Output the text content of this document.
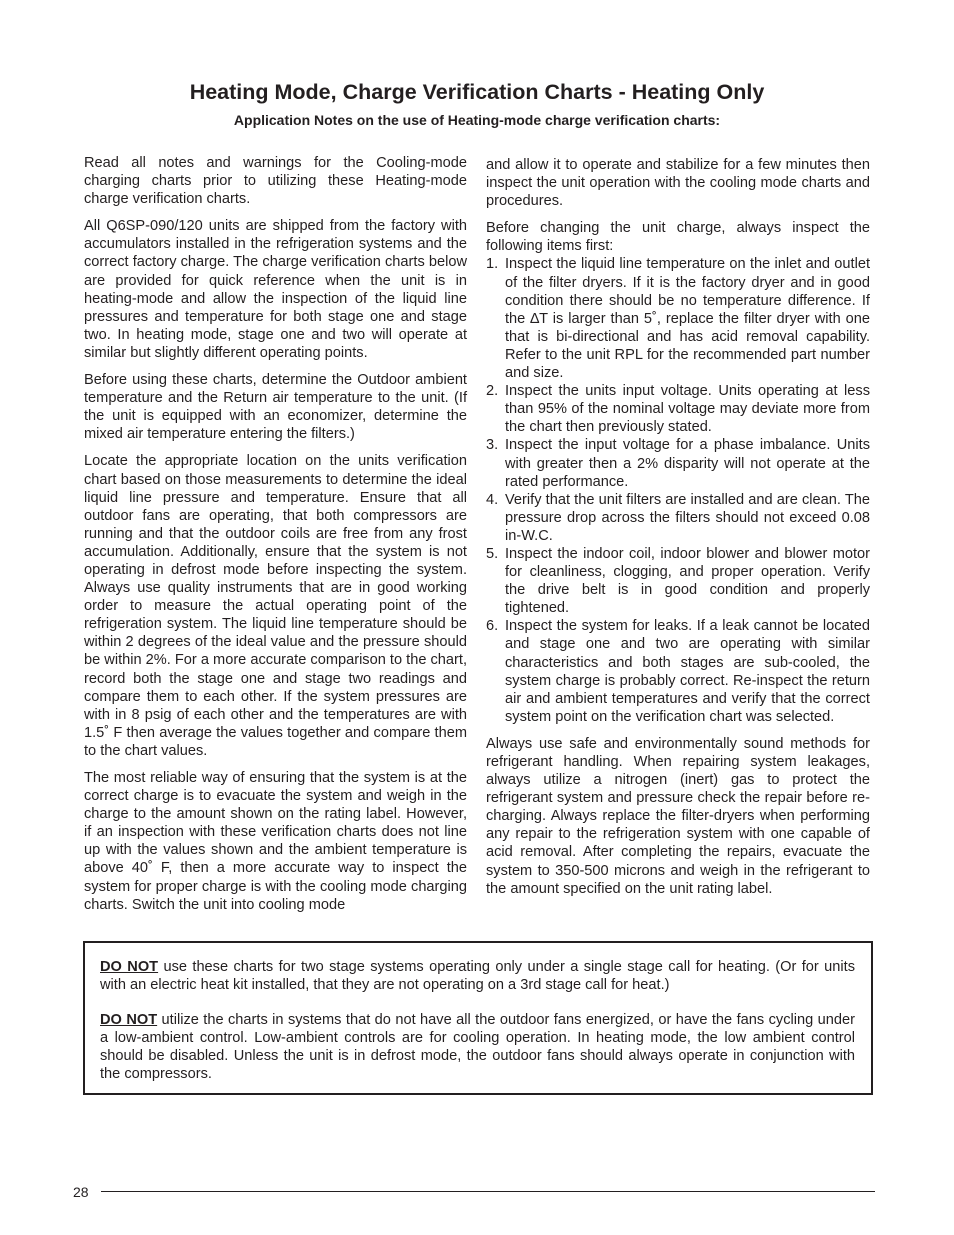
Heating Mode, Charge Verification Charts - Heating Only
Application Notes on the use of Heating-mode charge verification charts:

Read all notes and warnings for the Cooling-mode charging charts prior to utilizing these Heating-mode charge verification charts.

All Q6SP-090/120 units are shipped from the factory with accumulators installed in the refrigeration systems and the correct factory charge. The charge verification charts below are provided for quick reference when the unit is in heating-mode and allow the inspection of the liquid line pressures and temperature for both stage one and stage two. In heating mode, stage one and two will operate at similar but slightly different operating points.

Before using these charts, determine the Outdoor ambient temperature and the Return air temperature to the unit. (If the unit is equipped with an economizer, determine the mixed air temperature entering the filters.)

Locate the appropriate location on the units verification chart based on those measurements to determine the ideal liquid line pressure and temperature. Ensure that all outdoor fans are operating, that both compressors are running and that the outdoor coils are free from any frost accumulation. Additionally, ensure that the system is not operating in defrost mode before inspecting the system. Always use quality instruments that are in good working order to measure the actual operating point of the refrigeration system. The liquid line temperature should be within 2 degrees of the ideal value and the pressure should be within 2%. For a more accurate comparison to the chart, record both the stage one and stage two readings and compare them to each other. If the system pressures are with in 8 psig of each other and the temperatures are with 1.5˚ F then average the values together and compare them to the chart values.

The most reliable way of ensuring that the system is at the correct charge is to evacuate the system and weigh in the charge to the amount shown on the rating label. However, if an inspection with these verification charts does not line up with the values shown and the ambient temperature is above 40˚ F, then a more accurate way to inspect the system for proper charge is with the cooling mode charging charts. Switch the unit into cooling mode

and allow it to operate and stabilize for a few minutes then inspect the unit operation with the cooling mode charts and procedures.

Before changing the unit charge, always inspect the following items first:

1. Inspect the liquid line temperature on the inlet and outlet of the filter dryers. If it is the factory dryer and in good condition there should be no temperature difference. If the ∆T is larger than 5˚, replace the filter dryer with one that is bi-directional and has acid removal capability. Refer to the unit RPL for the recommended part number and size.
2. Inspect the units input voltage. Units operating at less than 95% of the nominal voltage may deviate more from the chart then previously stated.
3. Inspect the input voltage for a phase imbalance. Units with greater then a 2% disparity will not operate at the rated performance.
4. Verify that the unit filters are installed and are clean. The pressure drop across the filters should not exceed 0.08 in-W.C.
5. Inspect the indoor coil, indoor blower and blower motor for cleanliness, clogging, and proper operation. Verify the drive belt is in good condition and properly tightened.
6. Inspect the system for leaks. If a leak cannot be located and stage one and two are operating with similar characteristics and both stages are sub-cooled, the system charge is probably correct. Re-inspect the return air and ambient temperatures and verify that the correct system point on the verification chart was selected.

Always use safe and environmentally sound methods for refrigerant handling. When repairing system leakages, always utilize a nitrogen (inert) gas to protect the refrigerant system and pressure check the repair before re-charging. Always replace the filter-dryers when performing any repair to the refrigeration system with one capable of acid removal. After completing the repairs, evacuate the system to 350-500 microns and weigh in the refrigerant to the amount specified on the unit rating label.

DO NOT use these charts for two stage systems operating only under a single stage call for heating. (Or for units with an electric heat kit installed, that they are not operating on a 3rd stage call for heat.)

DO NOT utilize the charts in systems that do not have all the outdoor fans energized, or have the fans cycling under a low-ambient control. Low-ambient controls are for cooling operation. In heating mode, the low ambient control should be disabled. Unless the unit is in defrost mode, the outdoor fans should always operate in conjunction with the compressors.

28
